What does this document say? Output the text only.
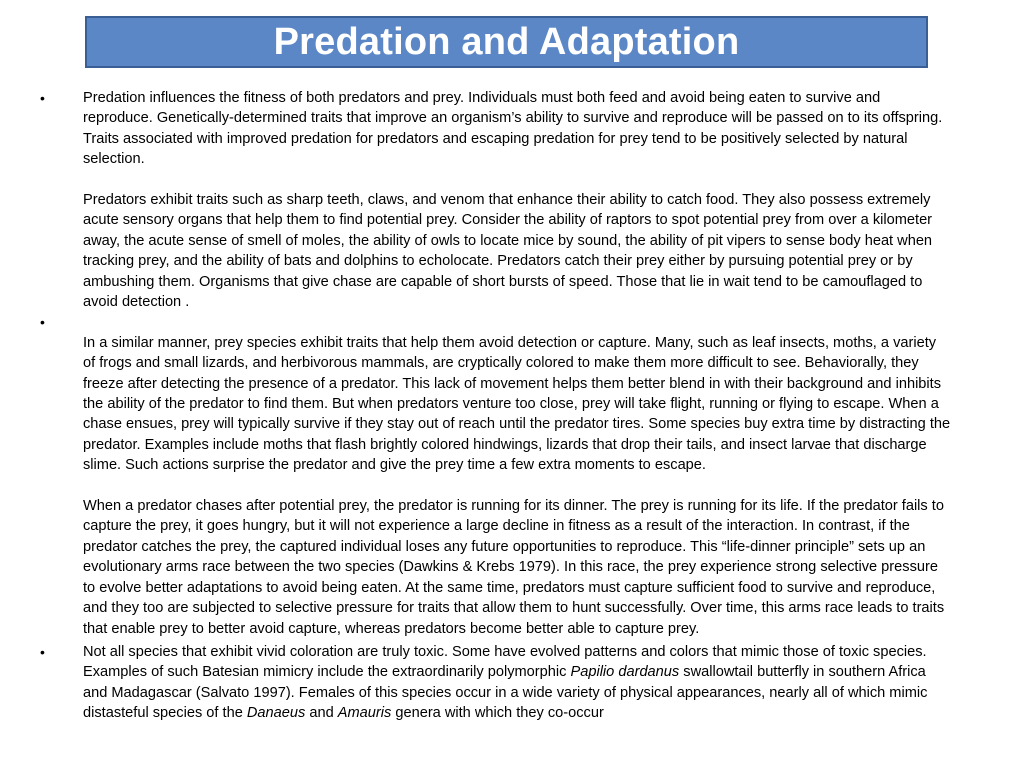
Predation and Adaptation
•	Predation influences the fitness of both predators and prey. Individuals must both feed and avoid being eaten to survive and reproduce. Genetically-determined traits that improve an organism’s ability to survive and reproduce will be passed on to its offspring. Traits associated with improved predation for predators and escaping predation for prey tend to be positively selected by natural selection.

Predators exhibit traits such as sharp teeth, claws, and venom that enhance their ability to catch food. They also possess extremely acute sensory organs that help them to find potential prey. Consider the ability of raptors to spot potential prey from over a kilometer away, the acute sense of smell of moles, the ability of owls to locate mice by sound, the ability of pit vipers to sense body heat when tracking prey, and the ability of bats and dolphins to echolocate. Predators catch their prey either by pursuing potential prey or by ambushing them. Organisms that give chase are capable of short bursts of speed. Those that lie in wait tend to be camouflaged to avoid detection .

•

In a similar manner, prey species exhibit traits that help them avoid detection or capture. Many, such as leaf insects, moths, a variety of frogs and small lizards, and herbivorous mammals, are cryptically colored to make them more difficult to see. Behaviorally, they freeze after detecting the presence of a predator. This lack of movement helps them better blend in with their background and inhibits the ability of the predator to find them. But when predators venture too close, prey will take flight, running or flying to escape. When a chase ensues, prey will typically survive if they stay out of reach until the predator tires. Some species buy extra time by distracting the predator. Examples include moths that flash brightly colored hindwings, lizards that drop their tails, and insect larvae that discharge slime. Such actions surprise the predator and give the prey time a few extra moments to escape.

When a predator chases after potential prey, the predator is running for its dinner. The prey is running for its life. If the predator fails to capture the prey, it goes hungry, but it will not experience a large decline in fitness as a result of the interaction. In contrast, if the predator catches the prey, the captured individual loses any future opportunities to reproduce. This “life-dinner principle” sets up an evolutionary arms race between the two species (Dawkins & Krebs 1979). In this race, the prey experience strong selective pressure to evolve better adaptations to avoid being eaten. At the same time, predators must capture sufficient food to survive and reproduce, and they too are subjected to selective pressure for traits that allow them to hunt successfully. Over time, this arms race leads to traits that enable prey to better avoid capture, whereas predators become better able to capture prey.

•	Not all species that exhibit vivid coloration are truly toxic. Some have evolved patterns and colors that mimic those of toxic species. Examples of such Batesian mimicry include the extraordinarily polymorphic Papilio dardanus swallowtail butterfly in southern Africa and Madagascar (Salvato 1997). Females of this species occur in a wide variety of physical appearances, nearly all of which mimic distasteful species of the Danaeus and Amauris genera with which they co-occur
